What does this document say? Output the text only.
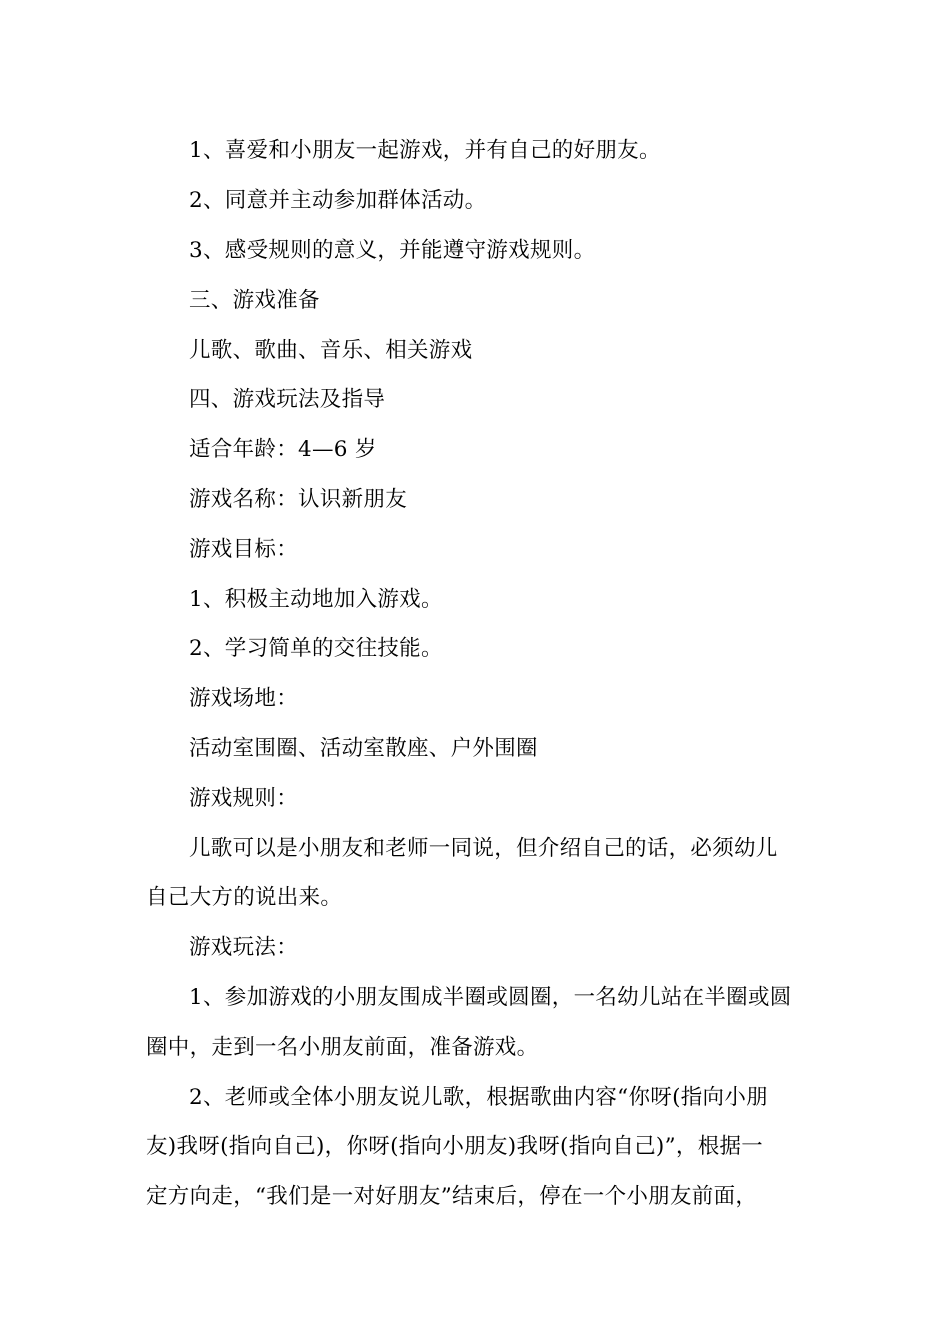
1、喜爱和小朋友一起游戏，并有自己的好朋友。
2、同意并主动参加群体活动。
3、感受规则的意义，并能遵守游戏规则。
三、游戏准备
儿歌、歌曲、音乐、相关游戏
四、游戏玩法及指导
适合年龄：4—6 岁
游戏名称：认识新朋友
游戏目标：
1、积极主动地加入游戏。
2、学习简单的交往技能。
游戏场地：
活动室围圈、活动室散座、户外围圈
游戏规则：
儿歌可以是小朋友和老师一同说，但介绍自己的话，必须幼儿
自己大方的说出来。
游戏玩法：
1、参加游戏的小朋友围成半圈或圆圈，一名幼儿站在半圈或圆
圈中，走到一名小朋友前面，准备游戏。
2、老师或全体小朋友说儿歌，根据歌曲内容“你呀(指向小朋
友)我呀(指向自己)，你呀(指向小朋友)我呀(指向自己)”，根据一
定方向走，“我们是一对好朋友”结束后，停在一个小朋友前面，
